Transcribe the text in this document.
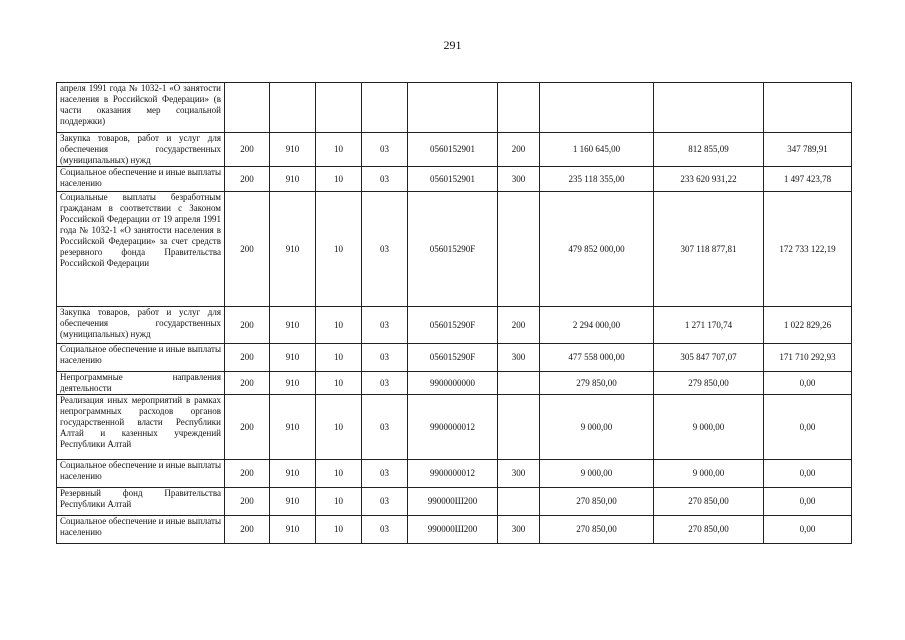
291
апреля 1991 года № 1032-1 «О занятости населения в Российской Федерации» (в части оказания мер социальной поддержки)									
Закупка товаров, работ и услуг для обеспечения государственных (муниципальных) нужд	200	910	10	03	0560152901	200	1 160 645,00	812 855,09	347 789,91
Социальное обеспечение и иные выплаты населению	200	910	10	03	0560152901	300	235 118 355,00	233 620 931,22	1 497 423,78
Социальные выплаты безработным гражданам в соответствии с Законом Российской Федерации от 19 апреля 1991 года № 1032-1 «О занятости населения в Российской Федерации» за счет средств резервного фонда Правительства Российской Федерации	200	910	10	03	056015290F		479 852 000,00	307 118 877,81	172 733 122,19
Закупка товаров, работ и услуг для обеспечения государственных (муниципальных) нужд	200	910	10	03	056015290F	200	2 294 000,00	1 271 170,74	1 022 829,26
Социальное обеспечение и иные выплаты населению	200	910	10	03	056015290F	300	477 558 000,00	305 847 707,07	171 710 292,93
Непрограммные направления деятельности	200	910	10	03	9900000000		279 850,00	279 850,00	0,00
Реализация иных мероприятий в рамках непрограммных расходов органов государственной власти Республики Алтай и казенных учреждений Республики Алтай	200	910	10	03	9900000012		9 000,00	9 000,00	0,00
Социальное обеспечение и иные выплаты населению	200	910	10	03	9900000012	300	9 000,00	9 000,00	0,00
Резервный фонд Правительства Республики Алтай	200	910	10	03	990000Ш200		270 850,00	270 850,00	0,00
Социальное обеспечение и иные выплаты населению	200	910	10	03	990000Ш200	300	270 850,00	270 850,00	0,00
